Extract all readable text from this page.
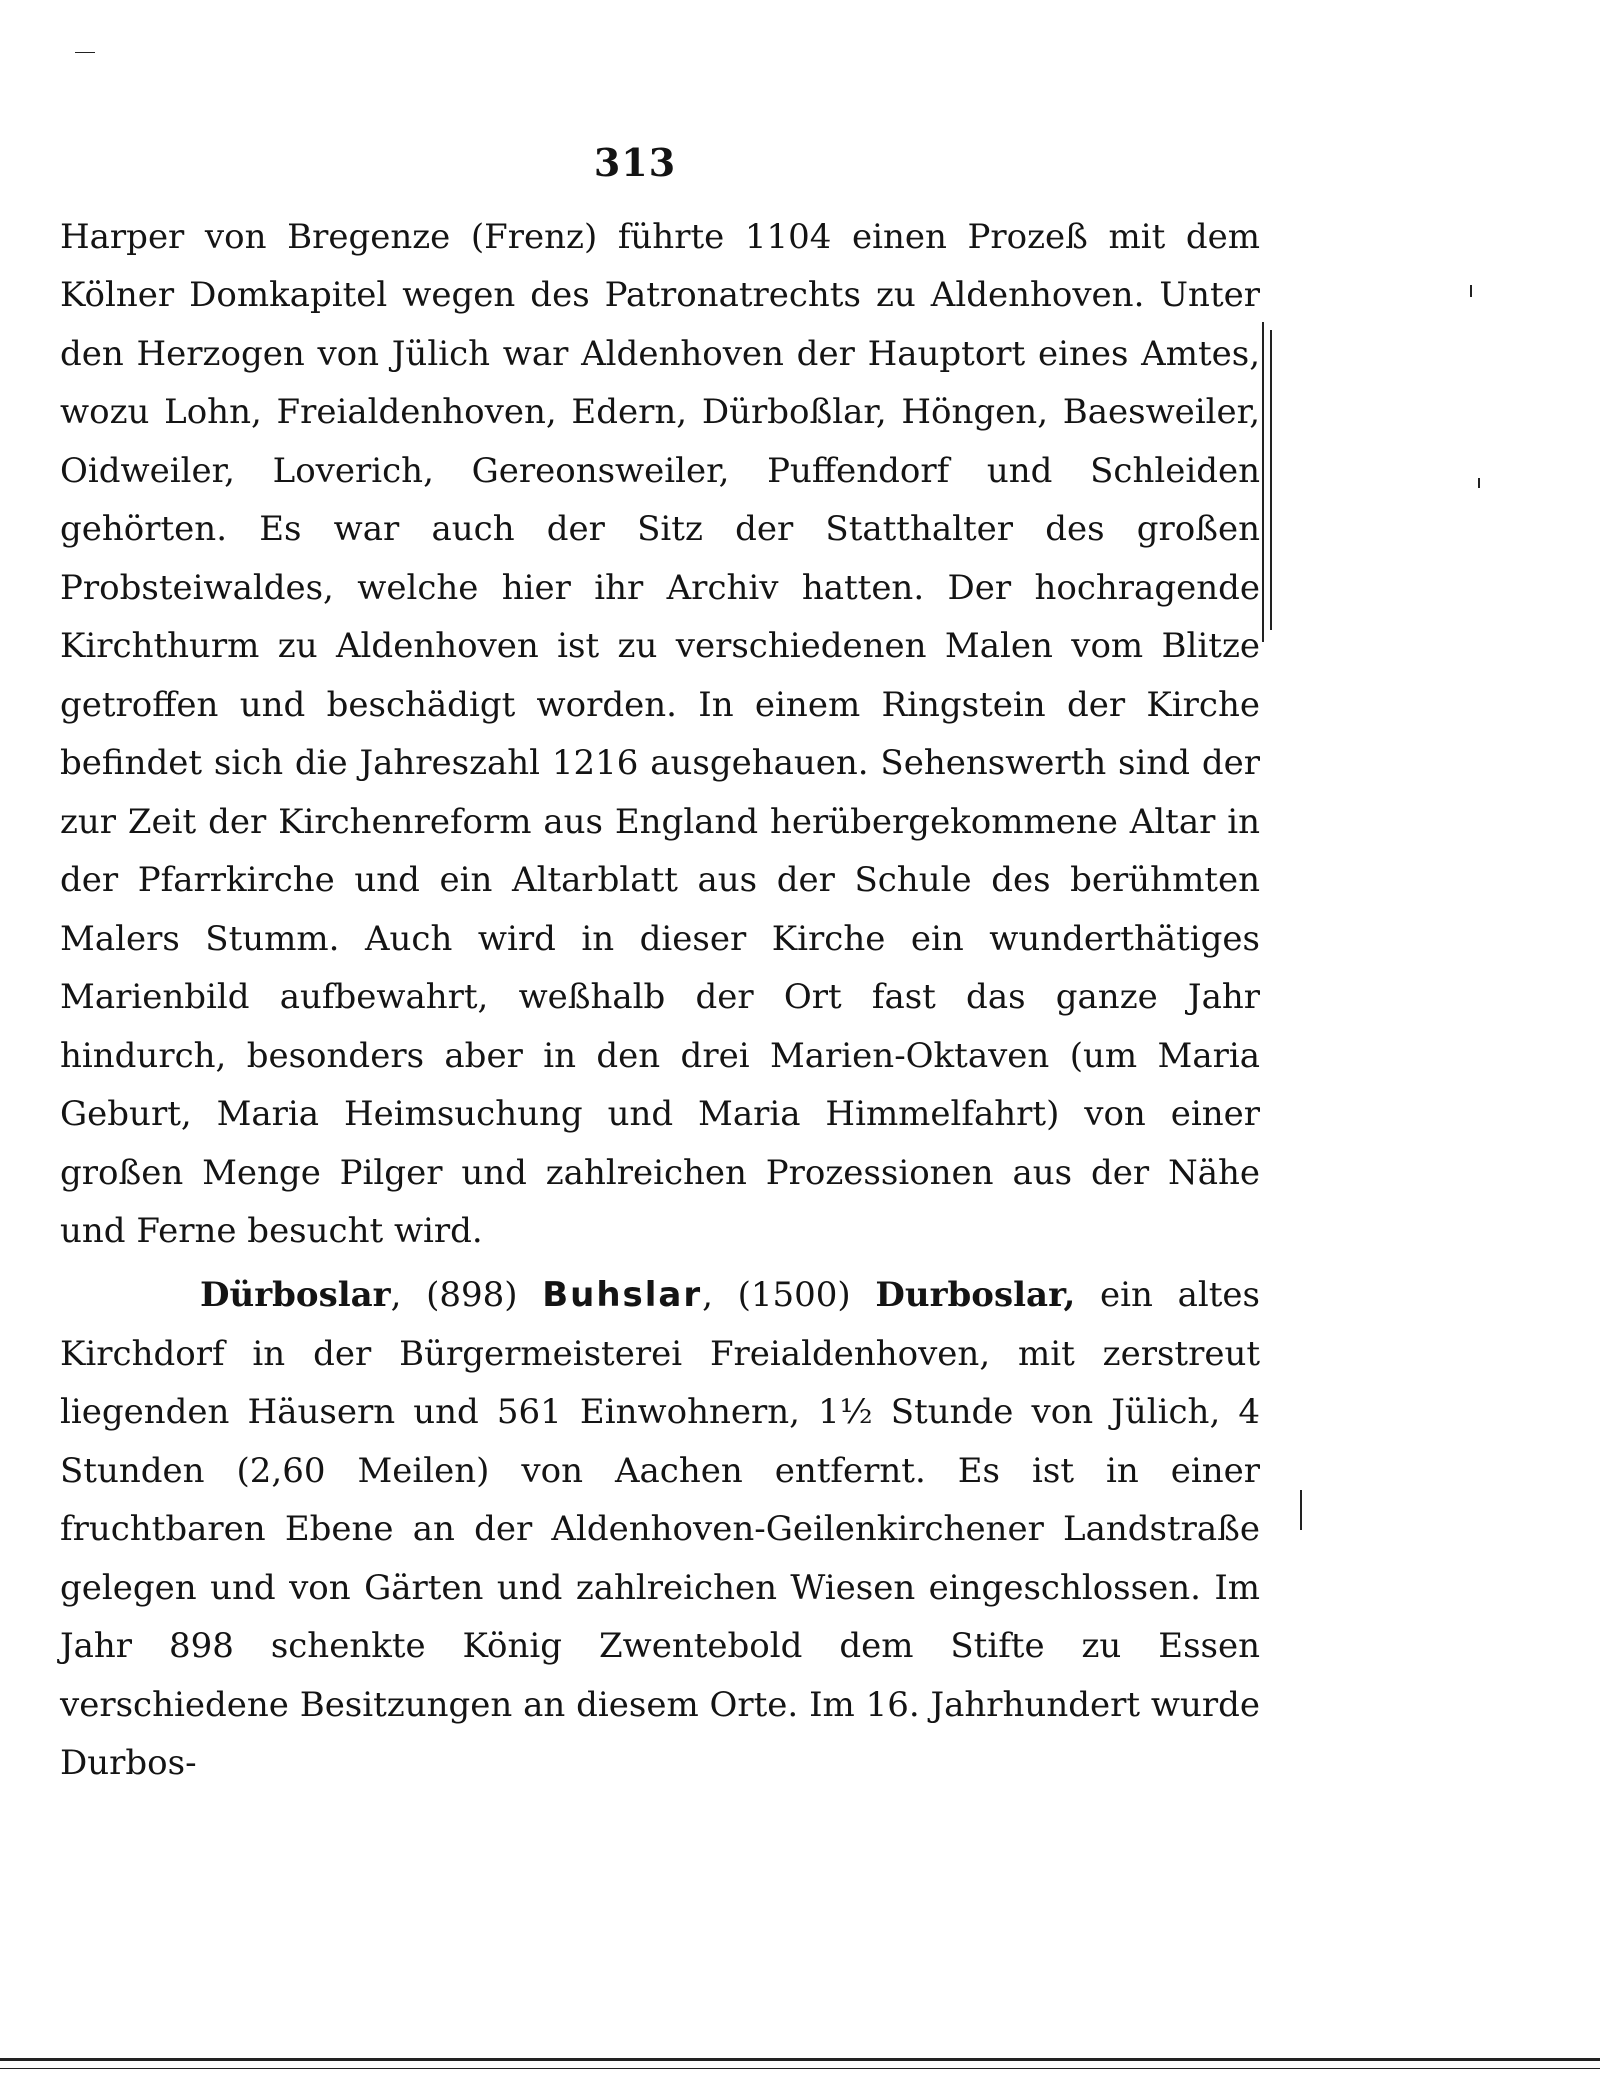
313

Harper von Bregenze (Frenz) führte 1104 einen Prozeß mit dem Kölner Domkapitel wegen des Patronatrechts zu Aldenhoven. Unter den Herzogen von Jülich war Aldenhoven der Hauptort eines Amtes, wozu Lohn, Freialdenhoven, Edern, Dürboßlar, Höngen, Baesweiler, Oidweiler, Loverich, Gereonsweiler, Puffendorf und Schleiden gehörten. Es war auch der Sitz der Statthalter des großen Probsteiwaldes, welche hier ihr Archiv hatten. Der hochragende Kirchthurm zu Aldenhoven ist zu verschiedenen Malen vom Blitze getroffen und beschädigt worden. In einem Ringstein der Kirche befindet sich die Jahreszahl 1216 ausgehauen. Sehenswerth sind der zur Zeit der Kirchenreform aus England herübergekommene Altar in der Pfarrkirche und ein Altarblatt aus der Schule des berühmten Malers Stumm. Auch wird in dieser Kirche ein wunderthätiges Marienbild aufbewahrt, weßhalb der Ort fast das ganze Jahr hindurch, besonders aber in den drei Marien-Oktaven (um Maria Geburt, Maria Heimsuchung und Maria Himmelfahrt) von einer großen Menge Pilger und zahlreichen Prozessionen aus der Nähe und Ferne besucht wird.

Dürboslar, (898) Buhslar, (1500) Durboslar, ein altes Kirchdorf in der Bürgermeisterei Freialdenhoven, mit zerstreut liegenden Häusern und 561 Einwohnern, 1½ Stunde von Jülich, 4 Stunden (2,60 Meilen) von Aachen entfernt. Es ist in einer fruchtbaren Ebene an der Aldenhoven-Geilenkirchener Landstraße gelegen und von Gärten und zahlreichen Wiesen eingeschlossen. Im Jahr 898 schenkte König Zwentebold dem Stifte zu Essen verschiedene Besitzungen an diesem Orte. Im 16. Jahrhundert wurde Durbos-
